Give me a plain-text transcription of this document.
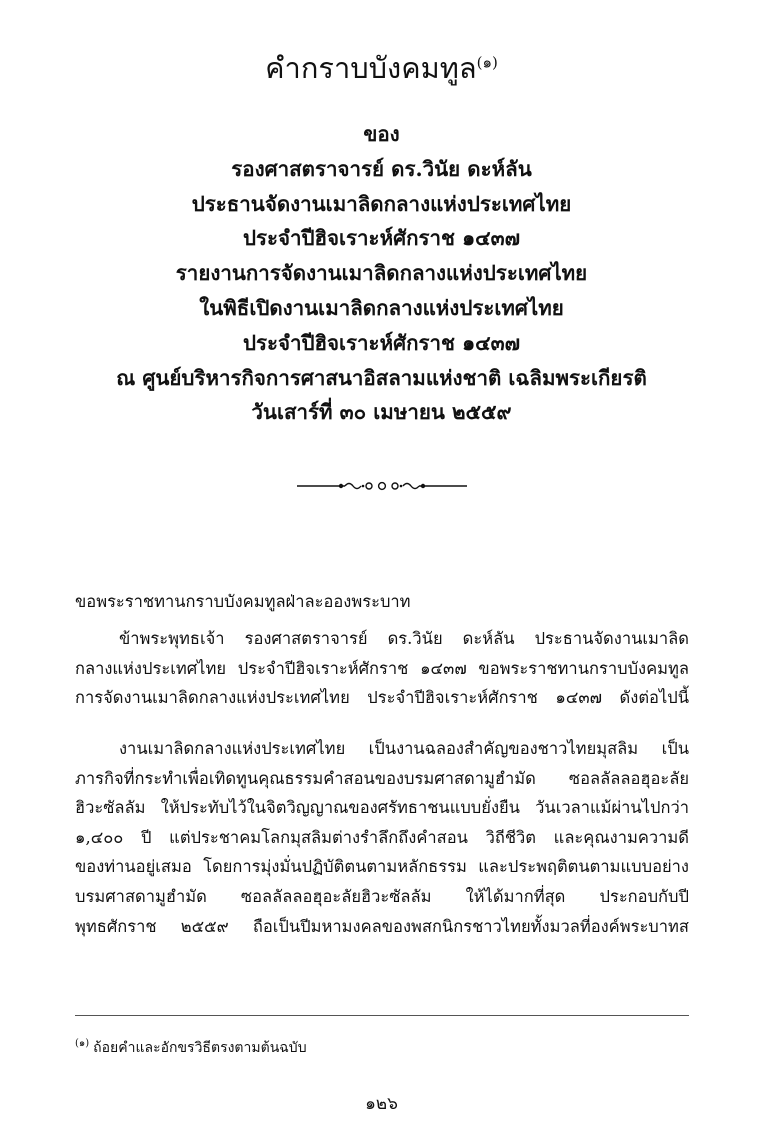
คำกราบบังคมทูล$^{(๑)}$
ของ
รองศาสตราจารย์ ดร.วินัย ดะห์ลัน
ประธานจัดงานเมาลิดกลางแห่งประเทศไทย
ประจำปีฮิจเราะห์ศักราช ๑๔๓๗
รายงานการจัดงานเมาลิดกลางแห่งประเทศไทย
ในพิธีเปิดงานเมาลิดกลางแห่งประเทศไทย
ประจำปีฮิจเราะห์ศักราช ๑๔๓๗
ณ ศูนย์บริหารกิจการศาสนาอิสลามแห่งชาติ เฉลิมพระเกียรติ
วันเสาร์ที่ ๓๐ เมษายน ๒๕๕๙
ขอพระราชทานกราบบังคมทูลฝ่าละอองพระบาท
ข้าพระพุทธเจ้า รองศาสตราจารย์ ดร.วินัย ดะห์ลัน ประธานจัดงานเมาลิด
กลางแห่งประเทศไทย ประจำปีฮิจเราะห์ศักราช ๑๔๓๗ ขอพระราชทานกราบบังคมทูล
การจัดงานเมาลิดกลางแห่งประเทศไทย ประจำปีฮิจเราะห์ศักราช ๑๔๓๗ ดังต่อไปนี้
งานเมาลิดกลางแห่งประเทศไทย เป็นงานฉลองสำคัญของชาวไทยมุสลิม เป็น
ภารกิจที่กระทำเพื่อเทิดทูนคุณธรรมคำสอนของบรมศาสดามูฮำมัด ซอลลัลลอฮุอะลัย
ฮิวะซัลลัม ให้ประทับไว้ในจิตวิญญาณของศรัทธาชนแบบยั่งยืน วันเวลาแม้ผ่านไปกว่า
๑,๔๐๐ ปี แต่ประชาคมโลกมุสลิมต่างรำลึกถึงคำสอน วิถีชีวิต และคุณงามความดี
ของท่านอยู่เสมอ โดยการมุ่งมั่นปฏิบัติตนตามหลักธรรม และประพฤติตนตามแบบอย่าง
บรมศาสดามูฮำมัด ซอลลัลลอฮุอะลัยฮิวะซัลลัม ให้ได้มากที่สุด ประกอบกับปี
พุทธศักราช ๒๕๕๙ ถือเป็นปีมหามงคลของพสกนิกรชาวไทยทั้งมวลที่องค์พระบาทส
$^{(๑)}$ ถ้อยคำและอักขรวิธีตรงตามต้นฉบับ
๑๒๖
